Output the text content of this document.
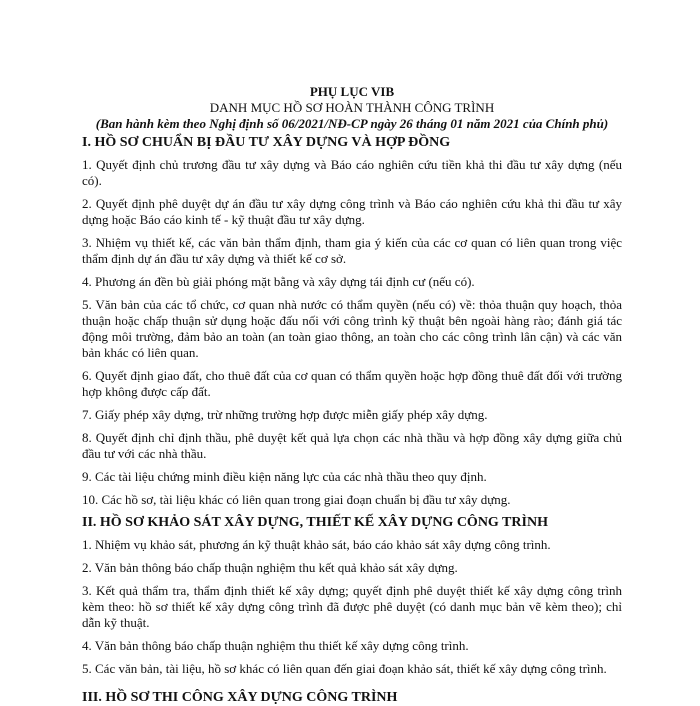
PHỤ LỤC VIB
DANH MỤC HỒ SƠ HOÀN THÀNH CÔNG TRÌNH
(Ban hành kèm theo Nghị định số 06/2021/NĐ-CP ngày 26 tháng 01 năm 2021 của Chính phủ)
I. HỒ SƠ CHUẨN BỊ ĐẦU TƯ XÂY DỰNG VÀ HỢP ĐỒNG

1. Quyết định chủ trương đầu tư xây dựng và Báo cáo nghiên cứu tiền khả thi đầu tư xây dựng (nếu có).

2. Quyết định phê duyệt dự án đầu tư xây dựng công trình và Báo cáo nghiên cứu khả thi đầu tư xây dựng hoặc Báo cáo kinh tế - kỹ thuật đầu tư xây dựng.

3. Nhiệm vụ thiết kế, các văn bản thẩm định, tham gia ý kiến của các cơ quan có liên quan trong việc thẩm định dự án đầu tư xây dựng và thiết kế cơ sở.

4. Phương án đền bù giải phóng mặt bằng và xây dựng tái định cư (nếu có).

5. Văn bản của các tổ chức, cơ quan nhà nước có thẩm quyền (nếu có) về: thỏa thuận quy hoạch, thỏa thuận hoặc chấp thuận sử dụng hoặc đấu nối với công trình kỹ thuật bên ngoài hàng rào; đánh giá tác động môi trường, đảm bảo an toàn (an toàn giao thông, an toàn cho các công trình lân cận) và các văn bản khác có liên quan.

6. Quyết định giao đất, cho thuê đất của cơ quan có thẩm quyền hoặc hợp đồng thuê đất đối với trường hợp không được cấp đất.

7. Giấy phép xây dựng, trừ những trường hợp được miễn giấy phép xây dựng.

8. Quyết định chỉ định thầu, phê duyệt kết quả lựa chọn các nhà thầu và hợp đồng xây dựng giữa chủ đầu tư với các nhà thầu.

9. Các tài liệu chứng minh điều kiện năng lực của các nhà thầu theo quy định.

10. Các hồ sơ, tài liệu khác có liên quan trong giai đoạn chuẩn bị đầu tư xây dựng.

II. HỒ SƠ KHẢO SÁT XÂY DỰNG, THIẾT KẾ XÂY DỰNG CÔNG TRÌNH

1. Nhiệm vụ khảo sát, phương án kỹ thuật khảo sát, báo cáo khảo sát xây dựng công trình.

2. Văn bản thông báo chấp thuận nghiệm thu kết quả khảo sát xây dựng.

3. Kết quả thẩm tra, thẩm định thiết kế xây dựng; quyết định phê duyệt thiết kế xây dựng công trình kèm theo: hồ sơ thiết kế xây dựng công trình đã được phê duyệt (có danh mục bản vẽ kèm theo); chỉ dẫn kỹ thuật.

4. Văn bản thông báo chấp thuận nghiệm thu thiết kế xây dựng công trình.

5. Các văn bản, tài liệu, hồ sơ khác có liên quan đến giai đoạn khảo sát, thiết kế xây dựng công trình.

III. HỒ SƠ THI CÔNG XÂY DỰNG CÔNG TRÌNH
